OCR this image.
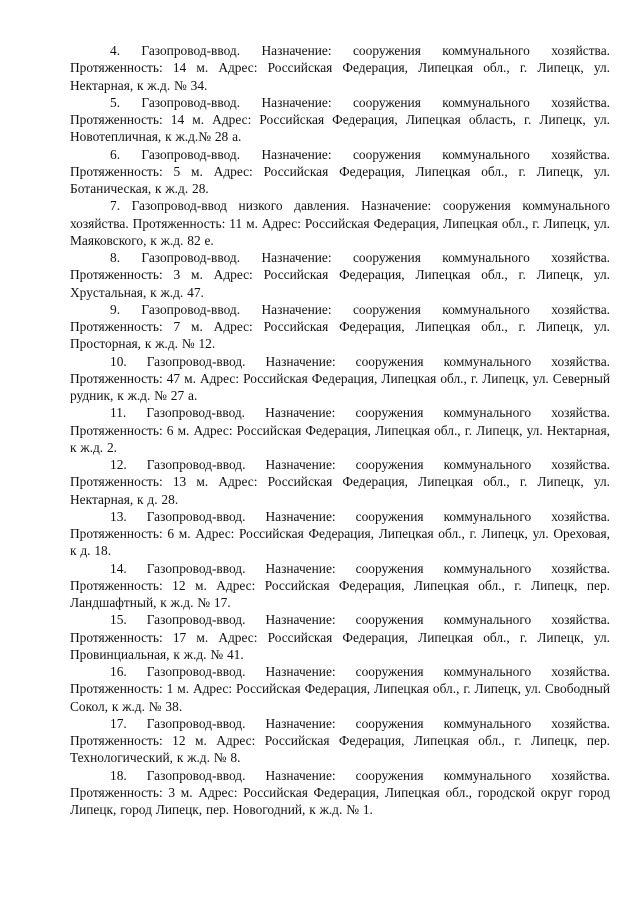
4. Газопровод-ввод. Назначение: сооружения коммунального хозяйства. Протяженность: 14 м. Адрес: Российская Федерация, Липецкая обл., г. Липецк, ул. Нектарная, к ж.д. № 34.

5. Газопровод-ввод. Назначение: сооружения коммунального хозяйства. Протяженность: 14 м. Адрес: Российская Федерация, Липецкая область, г. Липецк, ул. Новотепличная, к ж.д.№ 28 а.

6. Газопровод-ввод. Назначение: сооружения коммунального хозяйства. Протяженность: 5 м. Адрес: Российская Федерация, Липецкая обл., г. Липецк, ул. Ботаническая, к ж.д. 28.

7. Газопровод-ввод низкого давления. Назначение: сооружения коммунального хозяйства. Протяженность: 11 м. Адрес: Российская Федерация, Липецкая обл., г. Липецк, ул. Маяковского, к ж.д. 82 е.

8. Газопровод-ввод. Назначение: сооружения коммунального хозяйства. Протяженность: 3 м. Адрес: Российская Федерация, Липецкая обл., г. Липецк, ул. Хрустальная, к ж.д. 47.

9. Газопровод-ввод. Назначение: сооружения коммунального хозяйства. Протяженность: 7 м. Адрес: Российская Федерация, Липецкая обл., г. Липецк, ул. Просторная, к ж.д. № 12.

10. Газопровод-ввод. Назначение: сооружения коммунального хозяйства. Протяженность: 47 м. Адрес: Российская Федерация, Липецкая обл., г. Липецк, ул. Северный рудник, к ж.д. № 27 а.

11. Газопровод-ввод. Назначение: сооружения коммунального хозяйства. Протяженность: 6 м. Адрес: Российская Федерация, Липецкая обл., г. Липецк, ул. Нектарная, к ж.д. 2.

12. Газопровод-ввод. Назначение: сооружения коммунального хозяйства. Протяженность: 13 м. Адрес: Российская Федерация, Липецкая обл., г. Липецк, ул. Нектарная, к д. 28.

13. Газопровод-ввод. Назначение: сооружения коммунального хозяйства. Протяженность: 6 м. Адрес: Российская Федерация, Липецкая обл., г. Липецк, ул. Ореховая, к д. 18.

14. Газопровод-ввод. Назначение: сооружения коммунального хозяйства. Протяженность: 12 м. Адрес: Российская Федерация, Липецкая обл., г. Липецк, пер. Ландшафтный, к ж.д. № 17.

15. Газопровод-ввод. Назначение: сооружения коммунального хозяйства. Протяженность: 17 м. Адрес: Российская Федерация, Липецкая обл., г. Липецк, ул. Провинциальная, к ж.д. № 41.

16. Газопровод-ввод. Назначение: сооружения коммунального хозяйства. Протяженность: 1 м. Адрес: Российская Федерация, Липецкая обл., г. Липецк, ул. Свободный Сокол, к ж.д. № 38.

17. Газопровод-ввод. Назначение: сооружения коммунального хозяйства. Протяженность: 12 м. Адрес: Российская Федерация, Липецкая обл., г. Липецк, пер. Технологический, к ж.д. № 8.

18. Газопровод-ввод. Назначение: сооружения коммунального хозяйства. Протяженность: 3 м. Адрес: Российская Федерация, Липецкая обл., городской округ город Липецк, город Липецк, пер. Новогодний, к ж.д. № 1.
